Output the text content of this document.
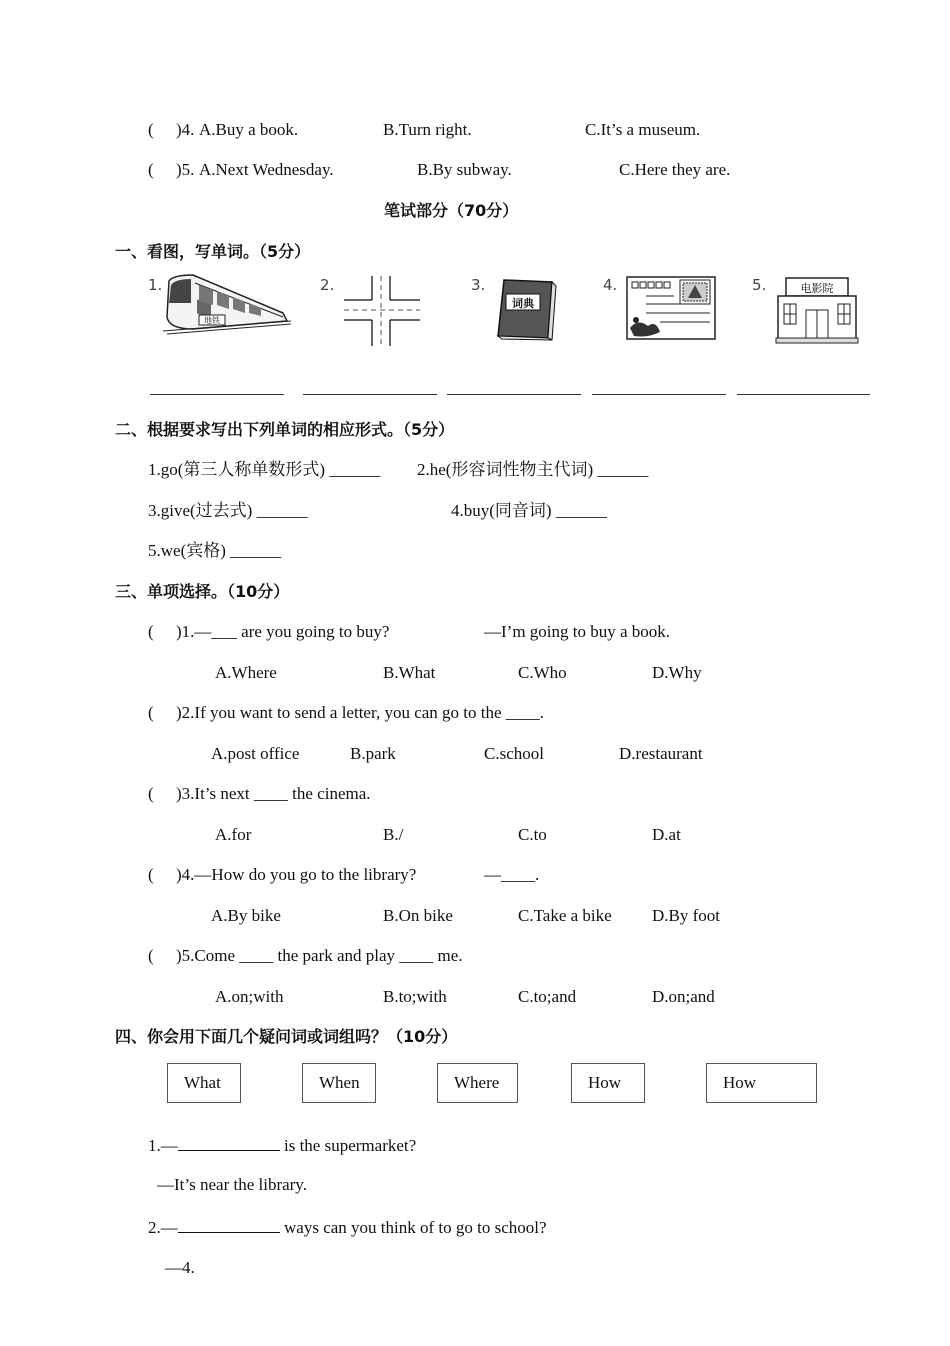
( )4. A.Buy a book.	B.Turn right.	C.It’s a museum.
( )5. A.Next Wednesday.	B.By subway.	C.Here they are.
笔试部分（70分）
一、看图，写单词。（5分）
1.	2.	3.	4.	5.
地铁
词典
电影院
二、根据要求写出下列单词的相应形式。（5分）
1.go(第三人称单数形式) ______ 2.he(形容词性物主代词) ______
3.give(过去式) ______	4.buy(同音词) ______
5.we(宾格) ______
三、单项选择。（10分）
( )1.—___ are you going to buy?	—I’m going to buy a book.
A.Where	B.What	C.Who	D.Why
( )2.If you want to send a letter, you can go to the ____.
A.post office	B.park	C.school	D.restaurant
( )3.It’s next ____ the cinema.
A.for	B./	C.to	D.at
( )4.—How do you go to the library?	—____.
A.By bike	B.On bike	C.Take a bike D.By foot
( )5.Come ____ the park and play ____ me.
A.on;with	B.to;with	C.to;and	D.on;and
四、你会用下面几个疑问词或词组吗？（10分）
What	When	Where	How	How
1.—	is the supermarket?
—It’s near the library.
2.—	ways can you think of to go to school?
—4.
